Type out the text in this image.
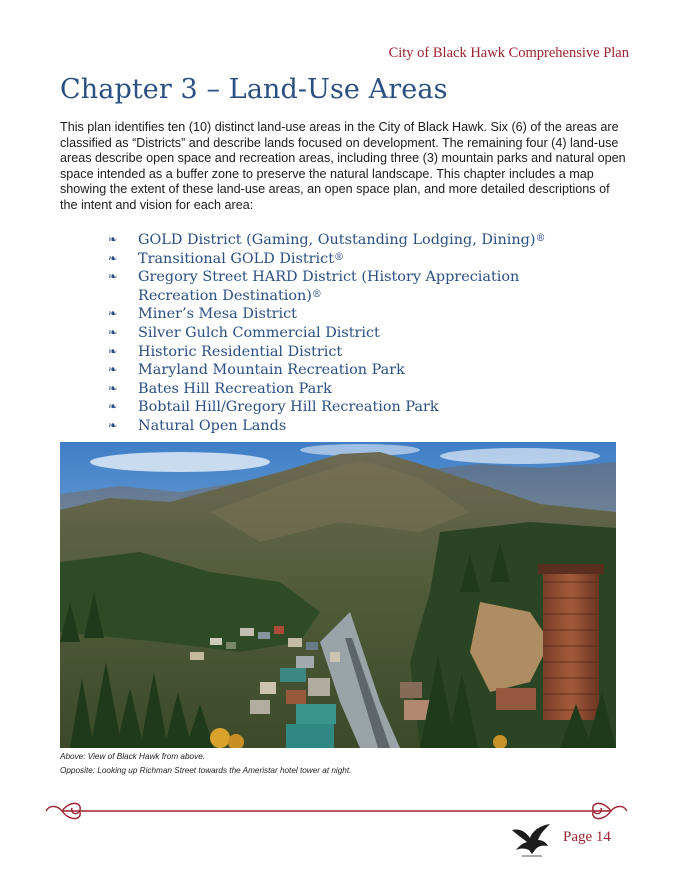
City of Black Hawk Comprehensive Plan
Chapter 3 – Land-Use Areas

This plan identifies ten (10) distinct land-use areas in the City of Black Hawk. Six (6) of the areas are classified as “Districts” and describe lands focused on development. The remaining four (4) land-use areas describe open space and recreation areas, including three (3) mountain parks and natural open space intended as a buffer zone to preserve the natural landscape. This chapter includes a map showing the extent of these land-use areas, an open space plan, and more detailed descriptions of the intent and vision for each area:

❧ GOLD District (Gaming, Outstanding Lodging, Dining)®
❧ Transitional GOLD District®
❧ Gregory Street HARD District (History Appreciation Recreation Destination)®
❧ Miner’s Mesa District
❧ Silver Gulch Commercial District
❧ Historic Residential District
❧ Maryland Mountain Recreation Park
❧ Bates Hill Recreation Park
❧ Bobtail Hill/Gregory Hill Recreation Park
❧ Natural Open Lands

Above: View of Black Hawk from above.

Opposite: Looking up Richman Street towards the Ameristar hotel tower at night.

Page 14
